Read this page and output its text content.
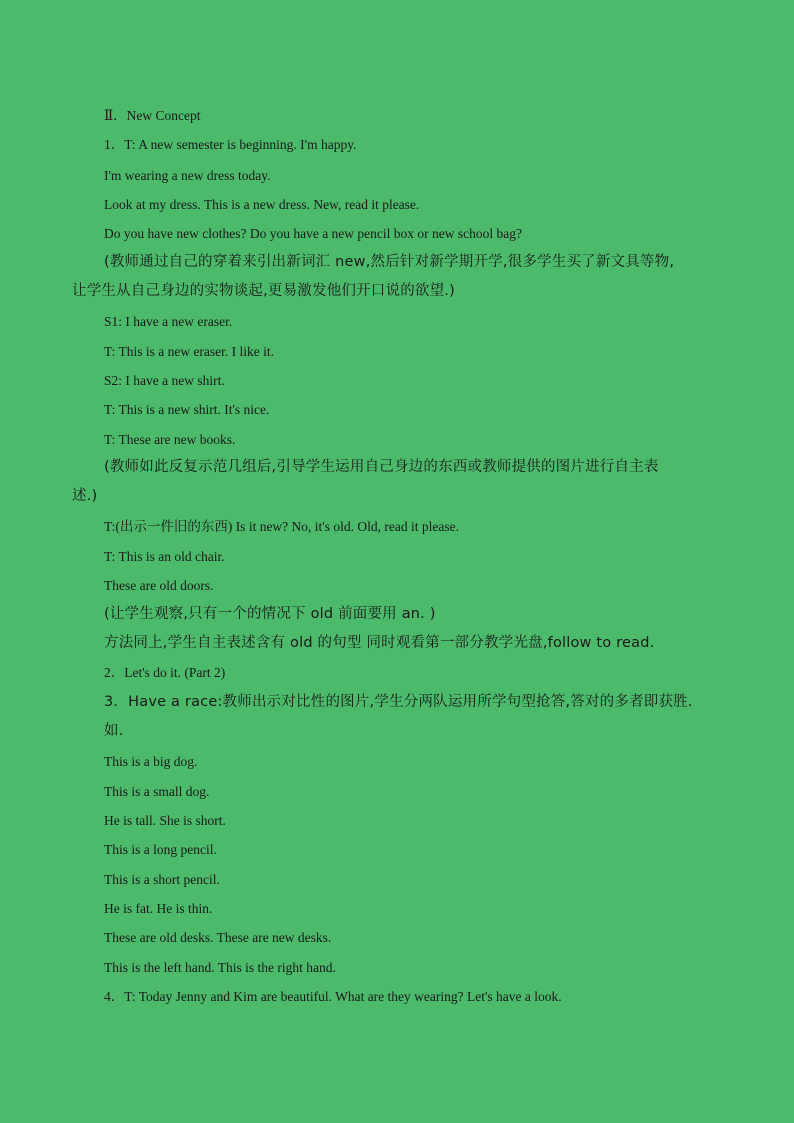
Ⅱ．New Concept
1．T: A new semester is beginning. I'm happy.
I'm wearing a new dress today.
Look at my dress. This is a new dress. New, read it please.
Do you have new clothes? Do you have a new pencil box or new school bag?
(教师通过自己的穿着来引出新词汇 new,然后针对新学期开学,很多学生买了新文具等物,
让学生从自己身边的实物谈起,更易激发他们开口说的欲望.)
S1: I have a new eraser.
T: This is a new eraser. I like it.
S2: I have a new shirt.
T: This is a new shirt. It's nice.
T: These are new books.
(教师如此反复示范几组后,引导学生运用自己身边的东西或教师提供的图片进行自主表
述.)
T:(出示一件旧的东西) Is it new? No, it's old. Old, read it please.
T: This is an old chair.
These are old doors.
(让学生观察,只有一个的情况下 old 前面要用 an. )
方法同上,学生自主表述含有 old 的句型 同时观看第一部分教学光盘,follow to read.
2．Let's do it. (Part 2)
3．Have a race:教师出示对比性的图片,学生分两队运用所学句型抢答,答对的多者即获胜.
如.
This is a big dog.
This is a small dog.
He is tall. She is short.
This is a long pencil.
This is a short pencil.
He is fat. He is thin.
These are old desks. These are new desks.
This is the left hand. This is the right hand.
4．T: Today Jenny and Kim are beautiful. What are they wearing? Let's have a look.
